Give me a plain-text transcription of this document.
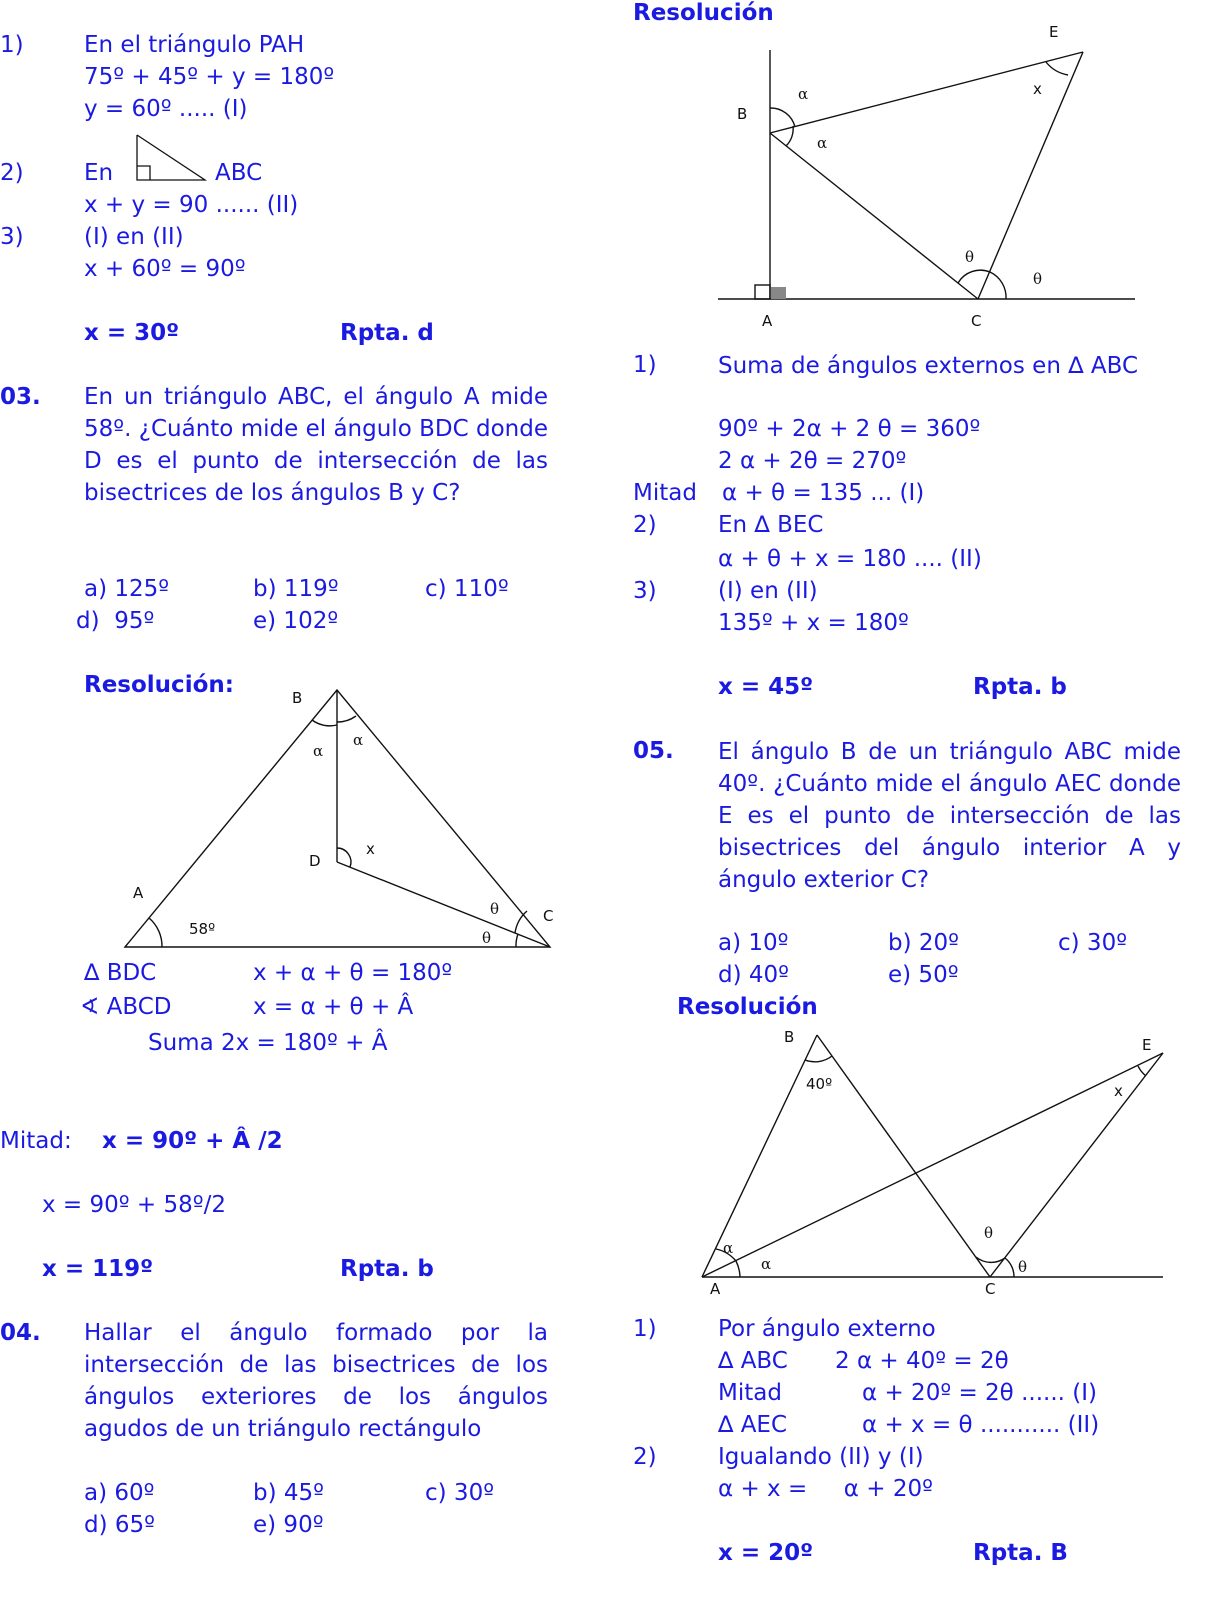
1)	En el triángulo PAH
75º + 45º + y = 180º
y = 60º ..... (I)
2)	En	ABC
x + y = 90 ...... (II)
3)	(I) en (II)
x + 60º = 90º
x = 30º	Rpta. d
03. En un triángulo ABC, el ángulo A mide 58º. ¿Cuánto mide el ángulo BDC donde D es el punto de intersección de las bisectrices de los ángulos B y C?
a) 125º	b) 119º	c) 110º
d)  95º	e) 102º
Resolución:	B
A
C
D
α
α
x
θ
θ
58º
∆ BDC	x + α + θ = 180º
∢ ABCD	x = α + θ + Â
Suma 2x = 180º + Â
Mitad: x = 90º + Â /2
x = 90º + 58º/2
x = 119º	Rpta. b
04. Hallar el ángulo formado por la intersección de las bisectrices de los ángulos exteriores de los ángulos agudos de un triángulo rectángulo
a) 60º	b) 45º	c) 30º
d) 65º	e) 90º
Resolución
E
B
A	C
α
α
x
θ
θ
1)	Suma de ángulos externos en ∆ ABC
90º + 2α + 2 θ = 360º
2 α + 2θ = 270º
Mitad α + θ = 135 ... (I)
2)	En ∆ BEC
α + θ + x = 180 .... (II)
3)	(I) en (II)
135º + x = 180º
x = 45º	Rpta. b
05. El ángulo B de un triángulo ABC mide 40º. ¿Cuánto mide el ángulo AEC donde E es el punto de intersección de las bisectrices del ángulo interior A y ángulo exterior C?
a) 10º	b) 20º	c) 30º
d) 40º	e) 50º
Resolución
B
40º
E
x
α
α
θ
θ
A	C
1)	Por ángulo externo
∆ ABC 2 α + 40º = 2θ
Mitad	α + 20º = 2θ ...... (I)
∆ AEC	α + x = θ ........... (II)
2)	Igualando (II) y (I)
α + x =     α + 20º
x = 20º	Rpta. B
